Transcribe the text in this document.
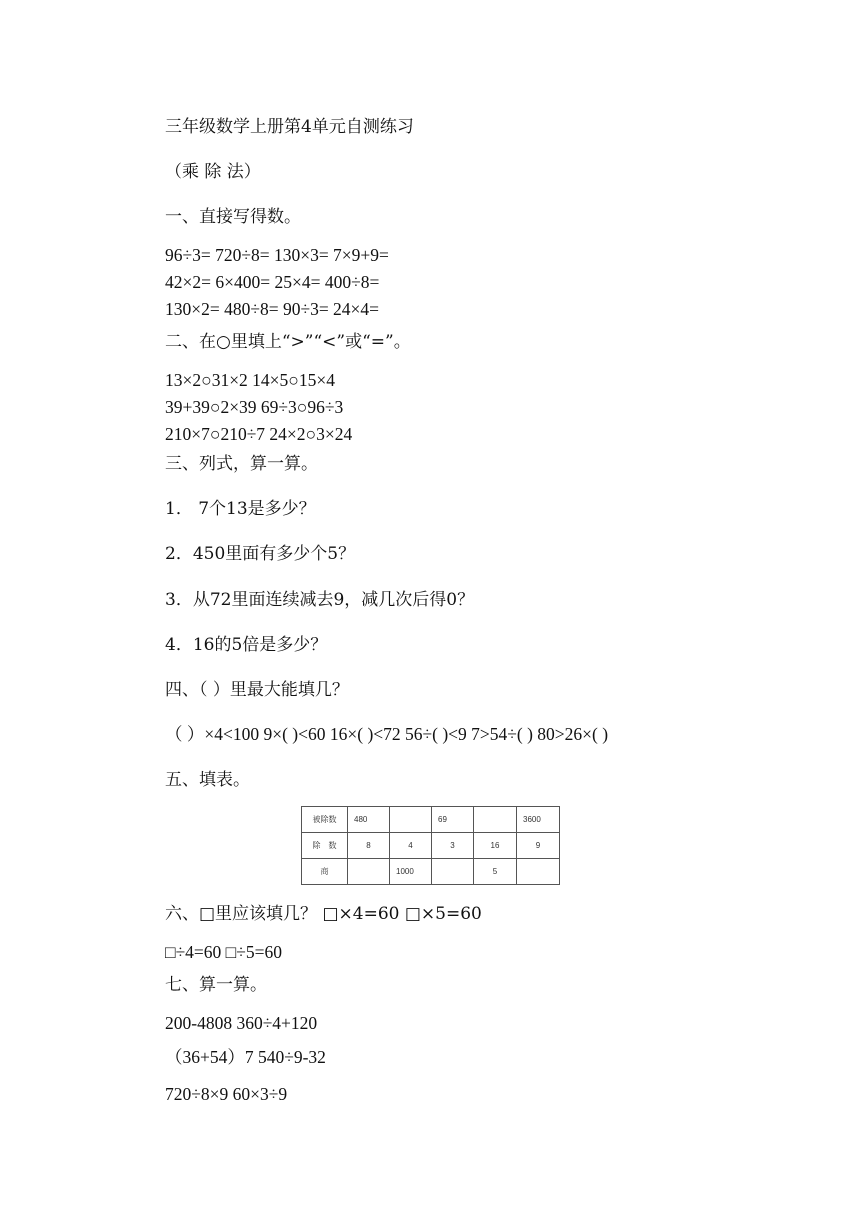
三年级数学上册第4单元自测练习
（乘 除 法）
一、直接写得数。
96÷3= 720÷8= 130×3= 7×9+9=
42×2= 6×400= 25×4= 400÷8=
130×2= 480÷8= 90÷3= 24×4=
二、在○里填上“>”“<”或“=”。
13×2○31×2 14×5○15×4
39+39○2×39 69÷3○96÷3
210×7○210÷7 24×2○3×24
三、列式，算一算。
1． 7个13是多少？
2．450里面有多少个5？
3．从72里面连续减去9，减几次后得0？
4．16的5倍是多少？
四、（ ）里最大能填几？
（ ）×4<100 9×( )<60 16×( )<72 56÷( )<9 7>54÷( ) 80>26×( )
五、填表。
被除数	480		69		3600
除　数	8	4	3	16	9
商		1000		5	
六、□里应该填几？ □×4=60 □×5=60
□÷4=60 □÷5=60
七、算一算。
200-4808 360÷4+120
（36+54）7 540÷9-32
720÷8×9 60×3÷9
